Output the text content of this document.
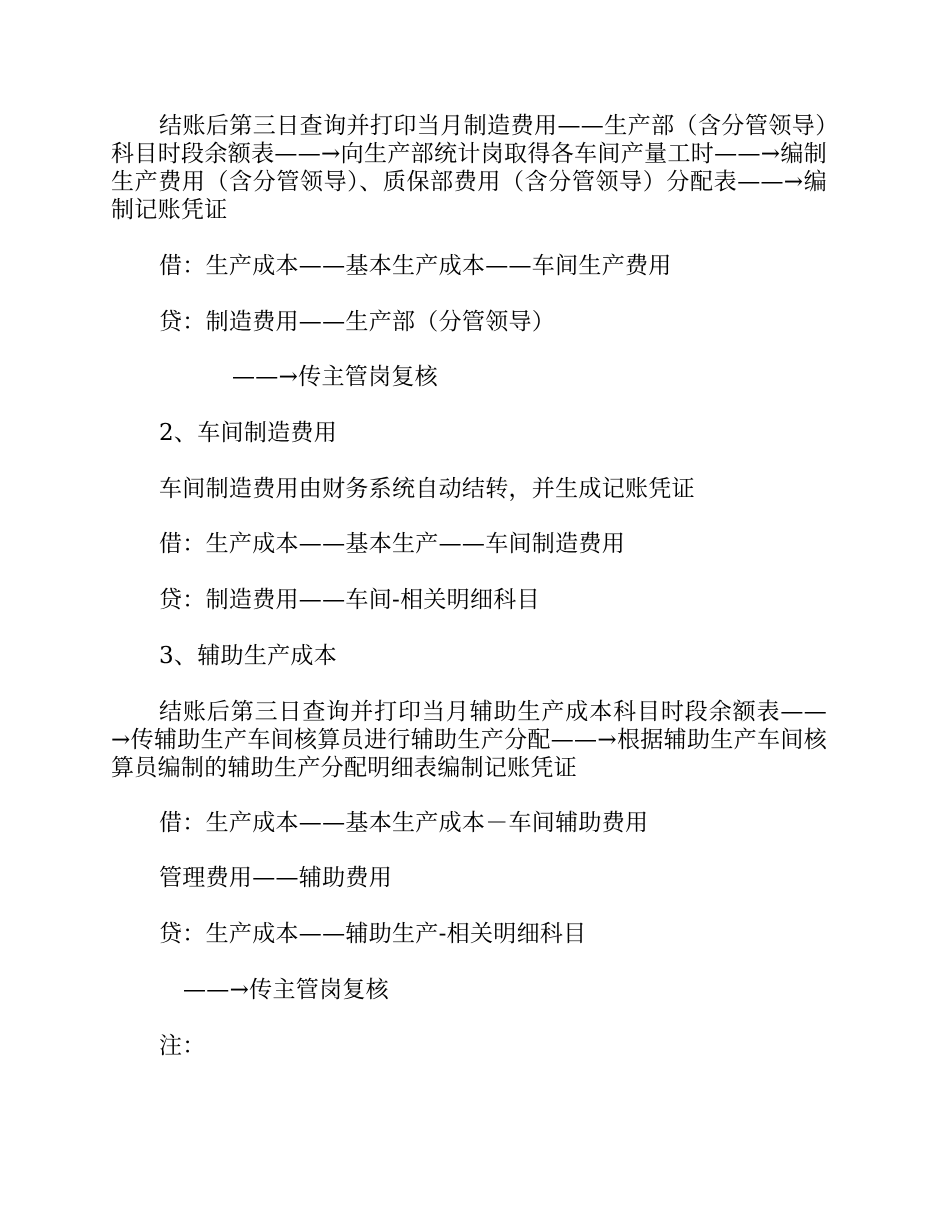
结账后第三日查询并打印当月制造费用——生产部（含分管领导）科目时段余额表——→向生产部统计岗取得各车间产量工时——→编制生产费用（含分管领导）、质保部费用（含分管领导）分配表——→编制记账凭证
借：生产成本——基本生产成本——车间生产费用
贷：制造费用——生产部（分管领导）
——→传主管岗复核
2、车间制造费用
车间制造费用由财务系统自动结转，并生成记账凭证
借：生产成本——基本生产——车间制造费用
贷：制造费用——车间-相关明细科目
3、辅助生产成本
结账后第三日查询并打印当月辅助生产成本科目时段余额表——→传辅助生产车间核算员进行辅助生产分配——→根据辅助生产车间核算员编制的辅助生产分配明细表编制记账凭证
借：生产成本——基本生产成本－车间辅助费用
管理费用——辅助费用
贷：生产成本——辅助生产-相关明细科目
——→传主管岗复核
注：
